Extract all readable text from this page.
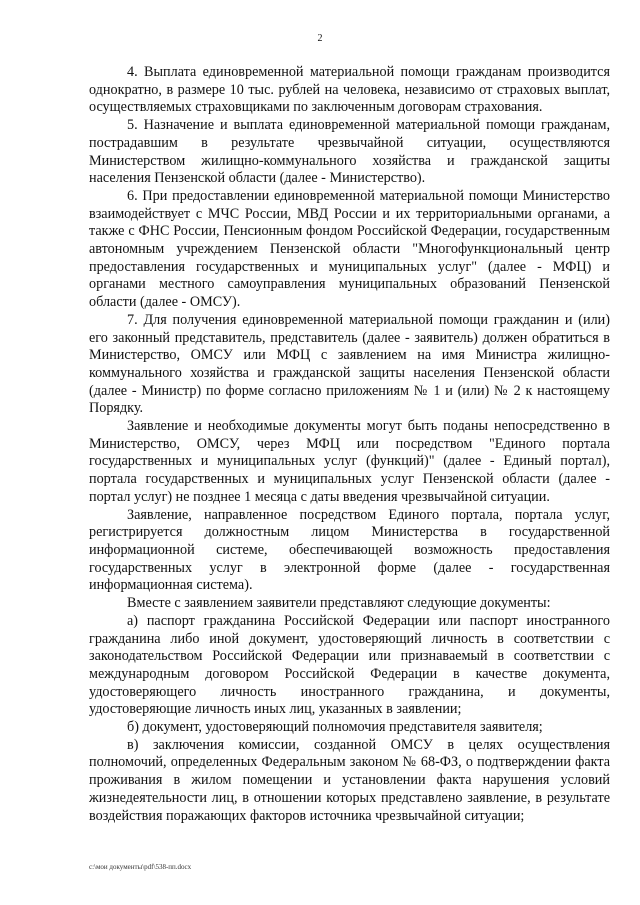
2

4. Выплата единовременной материальной помощи гражданам производится однократно, в размере 10 тыс. рублей на человека, независимо от страховых выплат, осуществляемых страховщиками по заключенным договорам страхования.

5. Назначение и выплата единовременной материальной помощи гражданам, пострадавшим в результате чрезвычайной ситуации, осуществляются Министерством жилищно-коммунального хозяйства и гражданской защиты населения Пензенской области (далее - Министерство).

6. При предоставлении единовременной материальной помощи Министерство взаимодействует с МЧС России, МВД России и их территориальными органами, а также с ФНС России, Пенсионным фондом Российской Федерации, государственным автономным учреждением Пензенской области "Многофункциональный центр предоставления государственных и муниципальных услуг" (далее - МФЦ) и органами местного самоуправления муниципальных образований Пензенской области (далее - ОМСУ).

7. Для получения единовременной материальной помощи гражданин и (или) его законный представитель, представитель (далее - заявитель) должен обратиться в Министерство, ОМСУ или МФЦ с заявлением на имя Министра жилищно-коммунального хозяйства и гражданской защиты населения Пензенской области (далее - Министр) по форме согласно приложениям № 1 и (или) № 2 к настоящему Порядку.

Заявление и необходимые документы могут быть поданы непосредственно в Министерство, ОМСУ, через МФЦ или посредством "Единого портала государственных и муниципальных услуг (функций)" (далее - Единый портал), портала государственных и муниципальных услуг Пензенской области (далее - портал услуг) не позднее 1 месяца с даты введения чрезвычайной ситуации.

Заявление, направленное посредством Единого портала, портала услуг, регистрируется должностным лицом Министерства в государственной информационной системе, обеспечивающей возможность предоставления государственных услуг в электронной форме (далее - государственная информационная система).

Вместе с заявлением заявители представляют следующие документы:

а) паспорт гражданина Российской Федерации или паспорт иностранного гражданина либо иной документ, удостоверяющий личность в соответствии с законодательством Российской Федерации или признаваемый в соответствии с международным договором Российской Федерации в качестве документа, удостоверяющего личность иностранного гражданина, и документы, удостоверяющие личность иных лиц, указанных в заявлении;

б) документ, удостоверяющий полномочия представителя заявителя;

в) заключения комиссии, созданной ОМСУ в целях осуществления полномочий, определенных Федеральным законом № 68-ФЗ, о подтверждении факта проживания в жилом помещении и установлении факта нарушения условий жизнедеятельности лиц, в отношении которых представлено заявление, в результате воздействия поражающих факторов источника чрезвычайной ситуации;

c:\мои документы\pdf\538-пп.docx
